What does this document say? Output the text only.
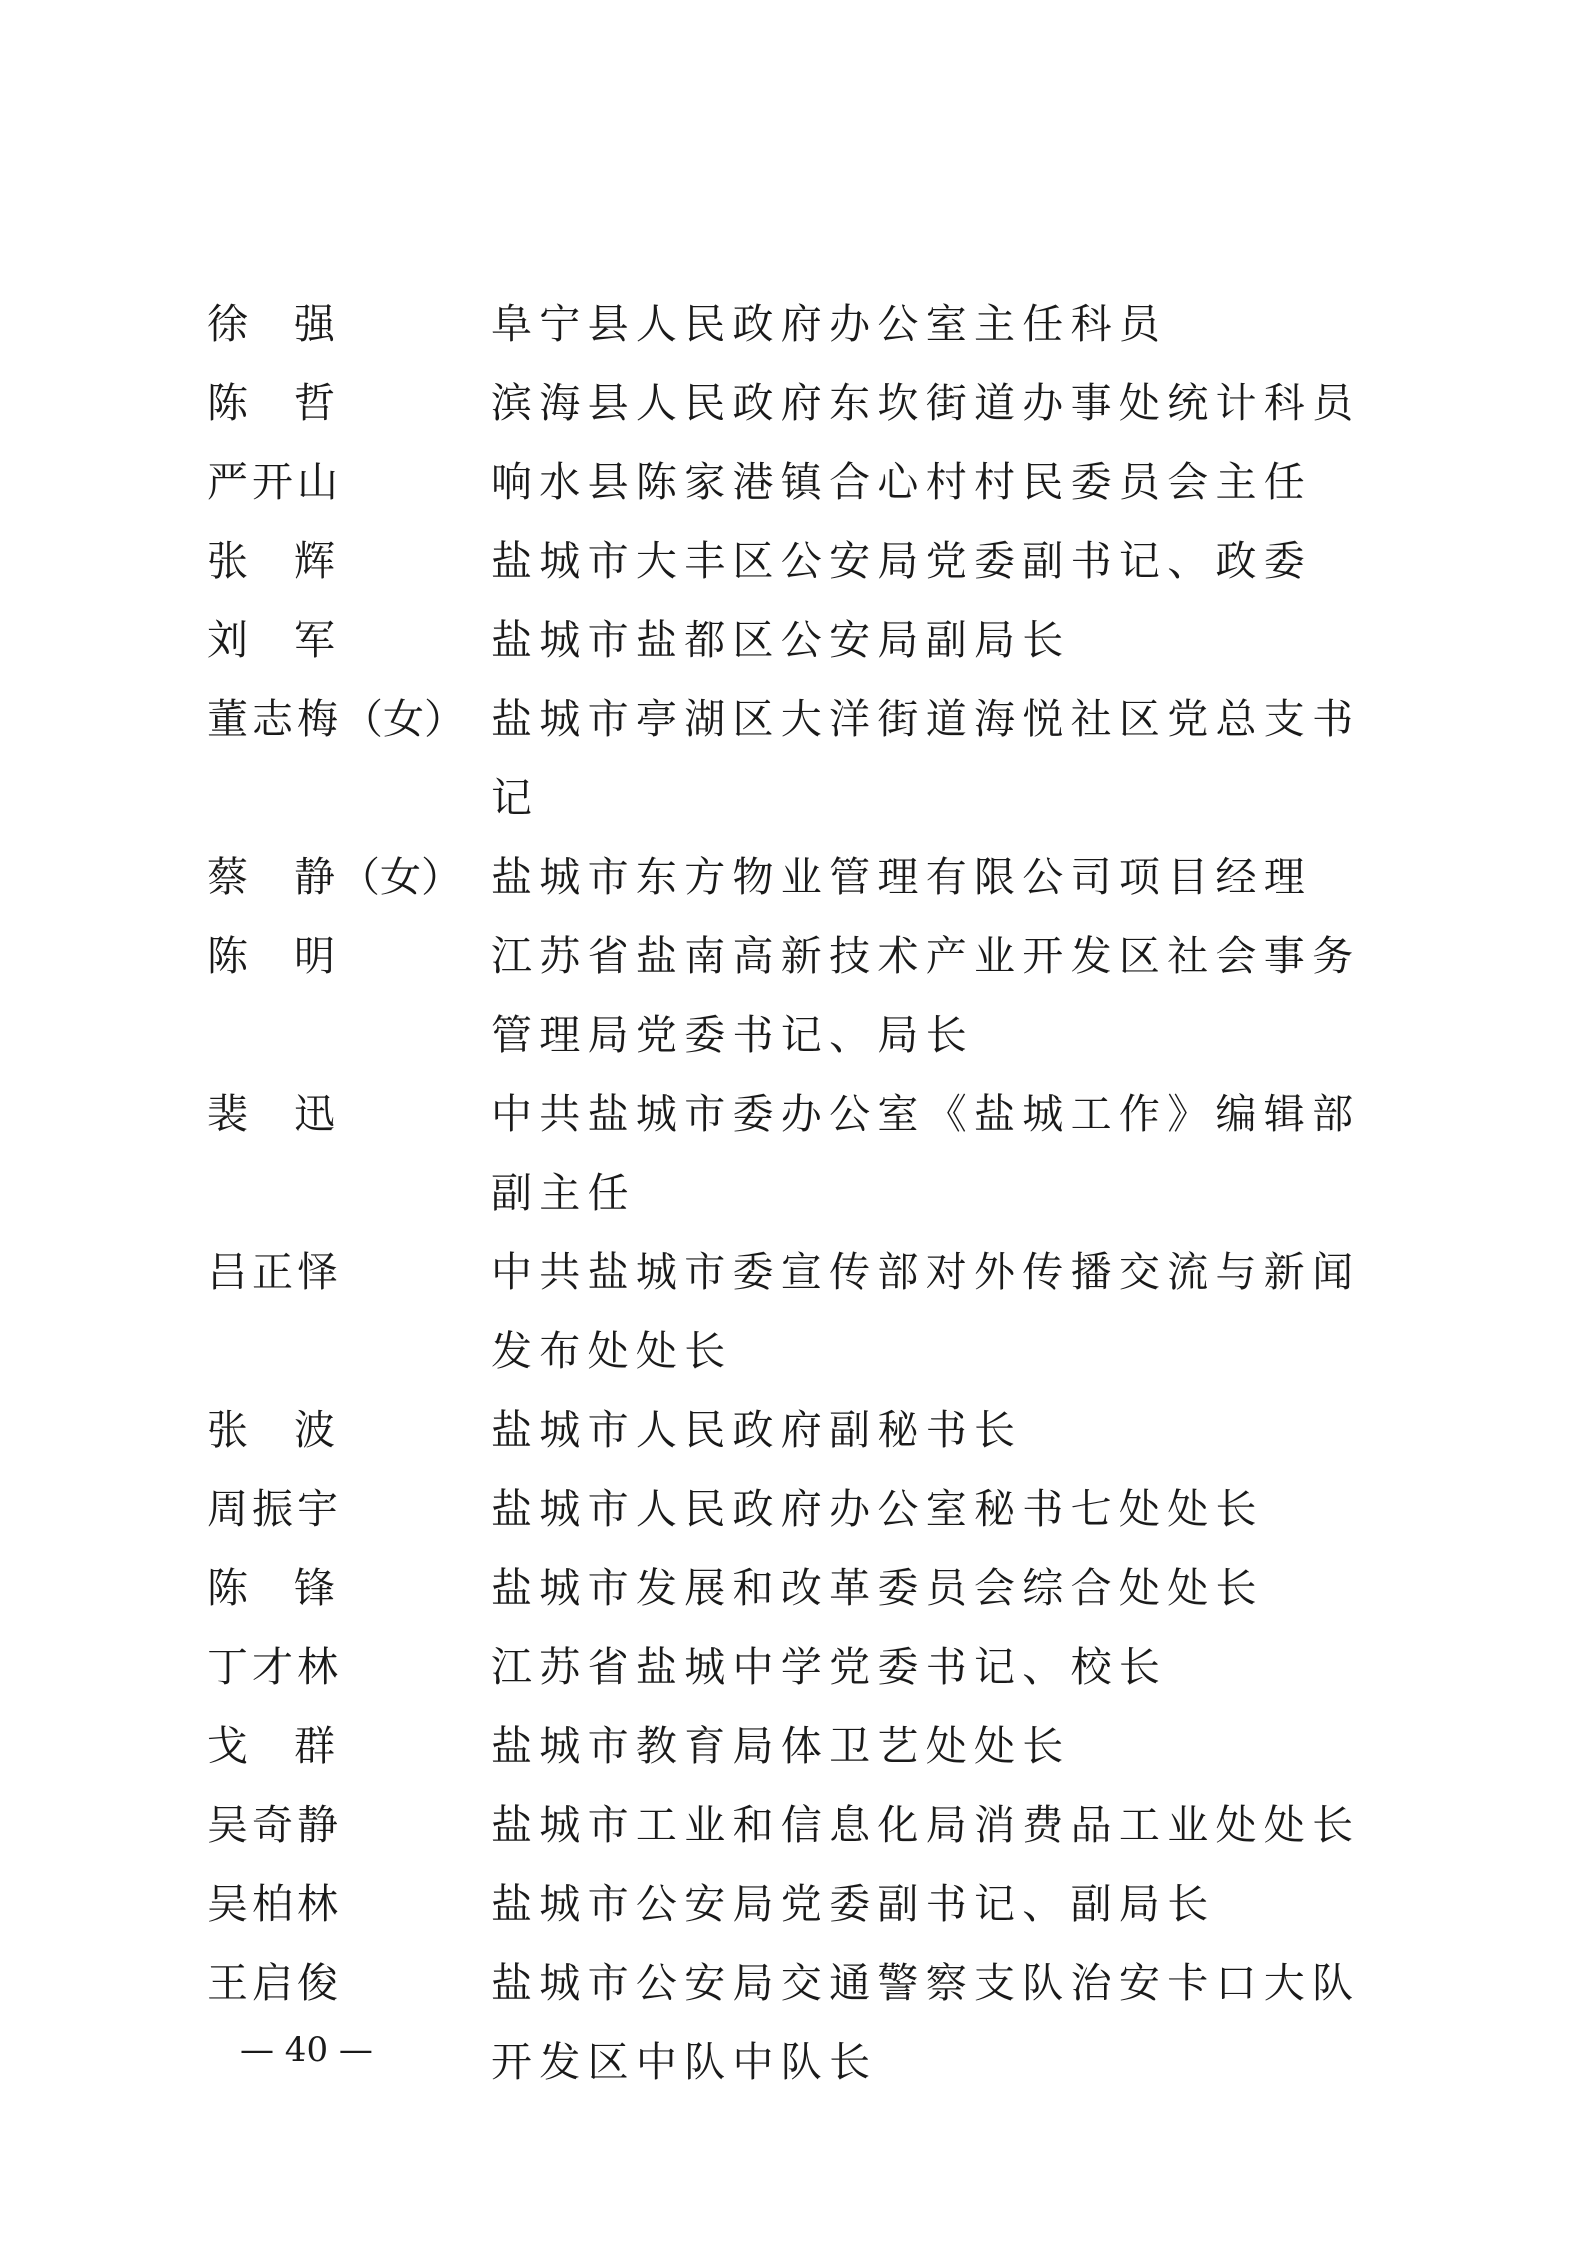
徐 强	阜宁县人民政府办公室主任科员
陈 哲	滨海县人民政府东坎街道办事处统计科员
严开山	响水县陈家港镇合心村村民委员会主任
张 辉	盐城市大丰区公安局党委副书记、政委
刘 军	盐城市盐都区公安局副局长
董志梅 （女） 盐城市亭湖区大洋街道海悦社区党总支书记
蔡 静 （女） 盐城市东方物业管理有限公司项目经理
陈 明	江苏省盐南高新技术产业开发区社会事务管理局党委书记、局长
裴 迅	中共盐城市委办公室《盐城工作》编辑部副主任
吕正怿	中共盐城市委宣传部对外传播交流与新闻发布处处长
张 波	盐城市人民政府副秘书长
周振宇	盐城市人民政府办公室秘书七处处长
陈 锋	盐城市发展和改革委员会综合处处长
丁才林	江苏省盐城中学党委书记、校长
戈 群	盐城市教育局体卫艺处处长
吴奇静	盐城市工业和信息化局消费品工业处处长
吴柏林	盐城市公安局党委副书记、副局长
王启俊	盐城市公安局交通警察支队治安卡口大队开发区中队中队长
— 40 —
